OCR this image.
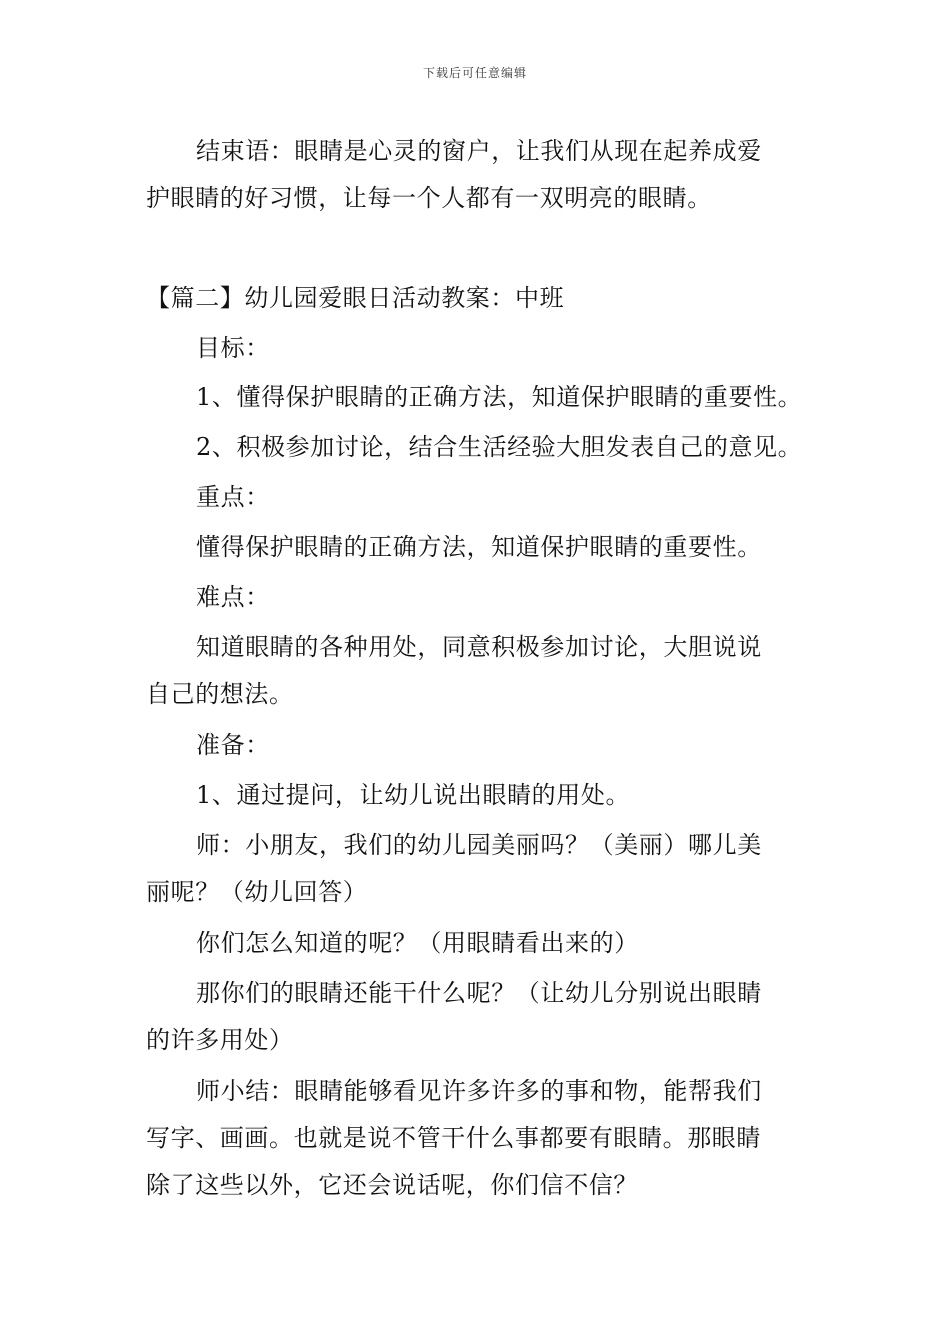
下载后可任意编辑
结束语：眼睛是心灵的窗户，让我们从现在起养成爱
护眼睛的好习惯，让每一个人都有一双明亮的眼睛。
【篇二】幼儿园爱眼日活动教案：中班
目标：
1、懂得保护眼睛的正确方法，知道保护眼睛的重要性。
2、积极参加讨论，结合生活经验大胆发表自己的意见。
重点：
懂得保护眼睛的正确方法，知道保护眼睛的重要性。
难点：
知道眼睛的各种用处，同意积极参加讨论，大胆说说
自己的想法。
准备：
1、通过提问，让幼儿说出眼睛的用处。
师：小朋友，我们的幼儿园美丽吗？（美丽）哪儿美
丽呢？（幼儿回答）
你们怎么知道的呢？（用眼睛看出来的）
那你们的眼睛还能干什么呢？（让幼儿分别说出眼睛
的许多用处）
师小结：眼睛能够看见许多许多的事和物，能帮我们
写字、画画。也就是说不管干什么事都要有眼睛。那眼睛
除了这些以外，它还会说话呢，你们信不信？
